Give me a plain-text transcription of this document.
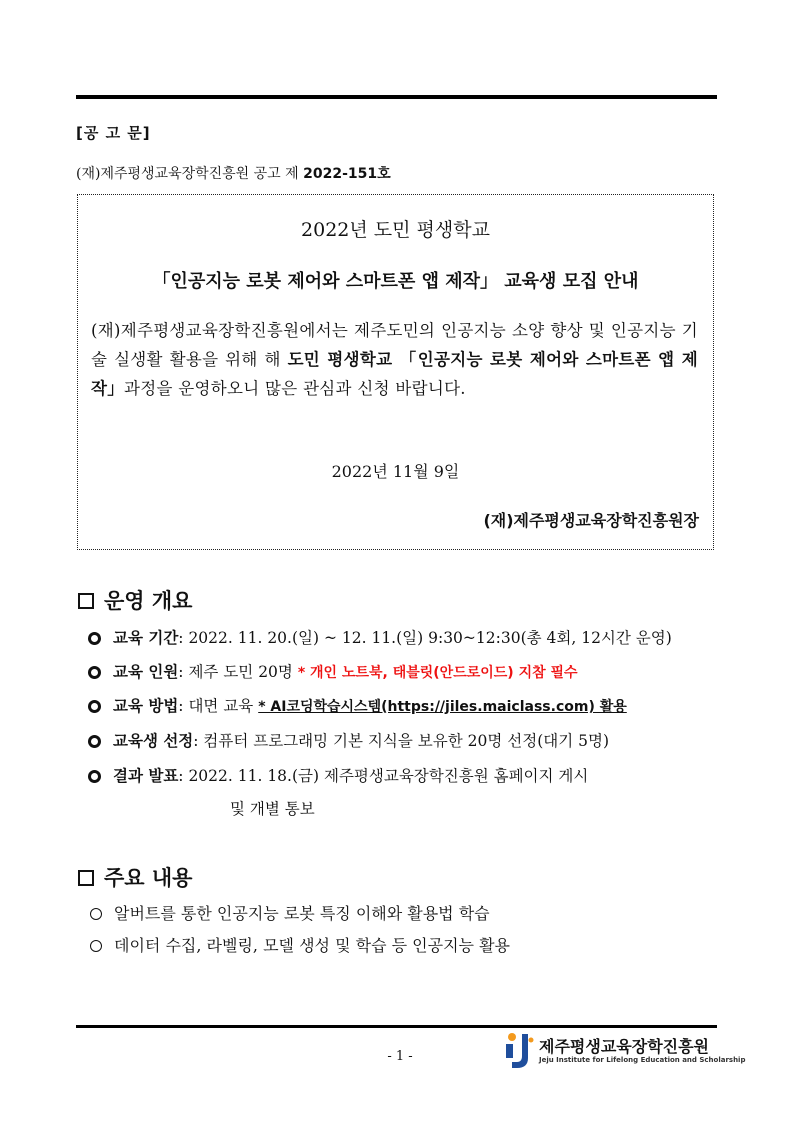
[공 고 문]
(재)제주평생교육장학진흥원 공고 제 2022-151호
2022년 도민 평생학교
「인공지능 로봇 제어와 스마트폰 앱 제작」 교육생 모집 안내
(재)제주평생교육장학진흥원에서는 제주도민의 인공지능 소양 향상 및 인공지능 기술 실생활 활용을 위해 해 도민 평생학교 「인공지능 로봇 제어와 스마트폰 앱 제작」과정을 운영하오니 많은 관심과 신청 바랍니다.
2022년 11월 9일
(재)제주평생교육장학진흥원장
운영 개요
교육 기간: 2022. 11. 20.(일) ~ 12. 11.(일) 9:30~12:30(총 4회, 12시간 운영)
교육 인원: 제주 도민 20명 * 개인 노트북, 태블릿(안드로이드) 지참 필수
교육 방법: 대면 교육 * AI코딩학습시스템(https://jiles.maiclass.com) 활용
교육생 선정: 컴퓨터 프로그래밍 기본 지식을 보유한 20명 선정(대기 5명)
결과 발표: 2022. 11. 18.(금) 제주평생교육장학진흥원 홈페이지 게시
및 개별 통보
주요 내용
알버트를 통한 인공지능 로봇 특징 이해와 활용법 학습
데이터 수집, 라벨링, 모델 생성 및 학습 등 인공지능 활용
- 1 -
제주평생교육장학진흥원
Jeju Institute for Lifelong Education and Scholarship
